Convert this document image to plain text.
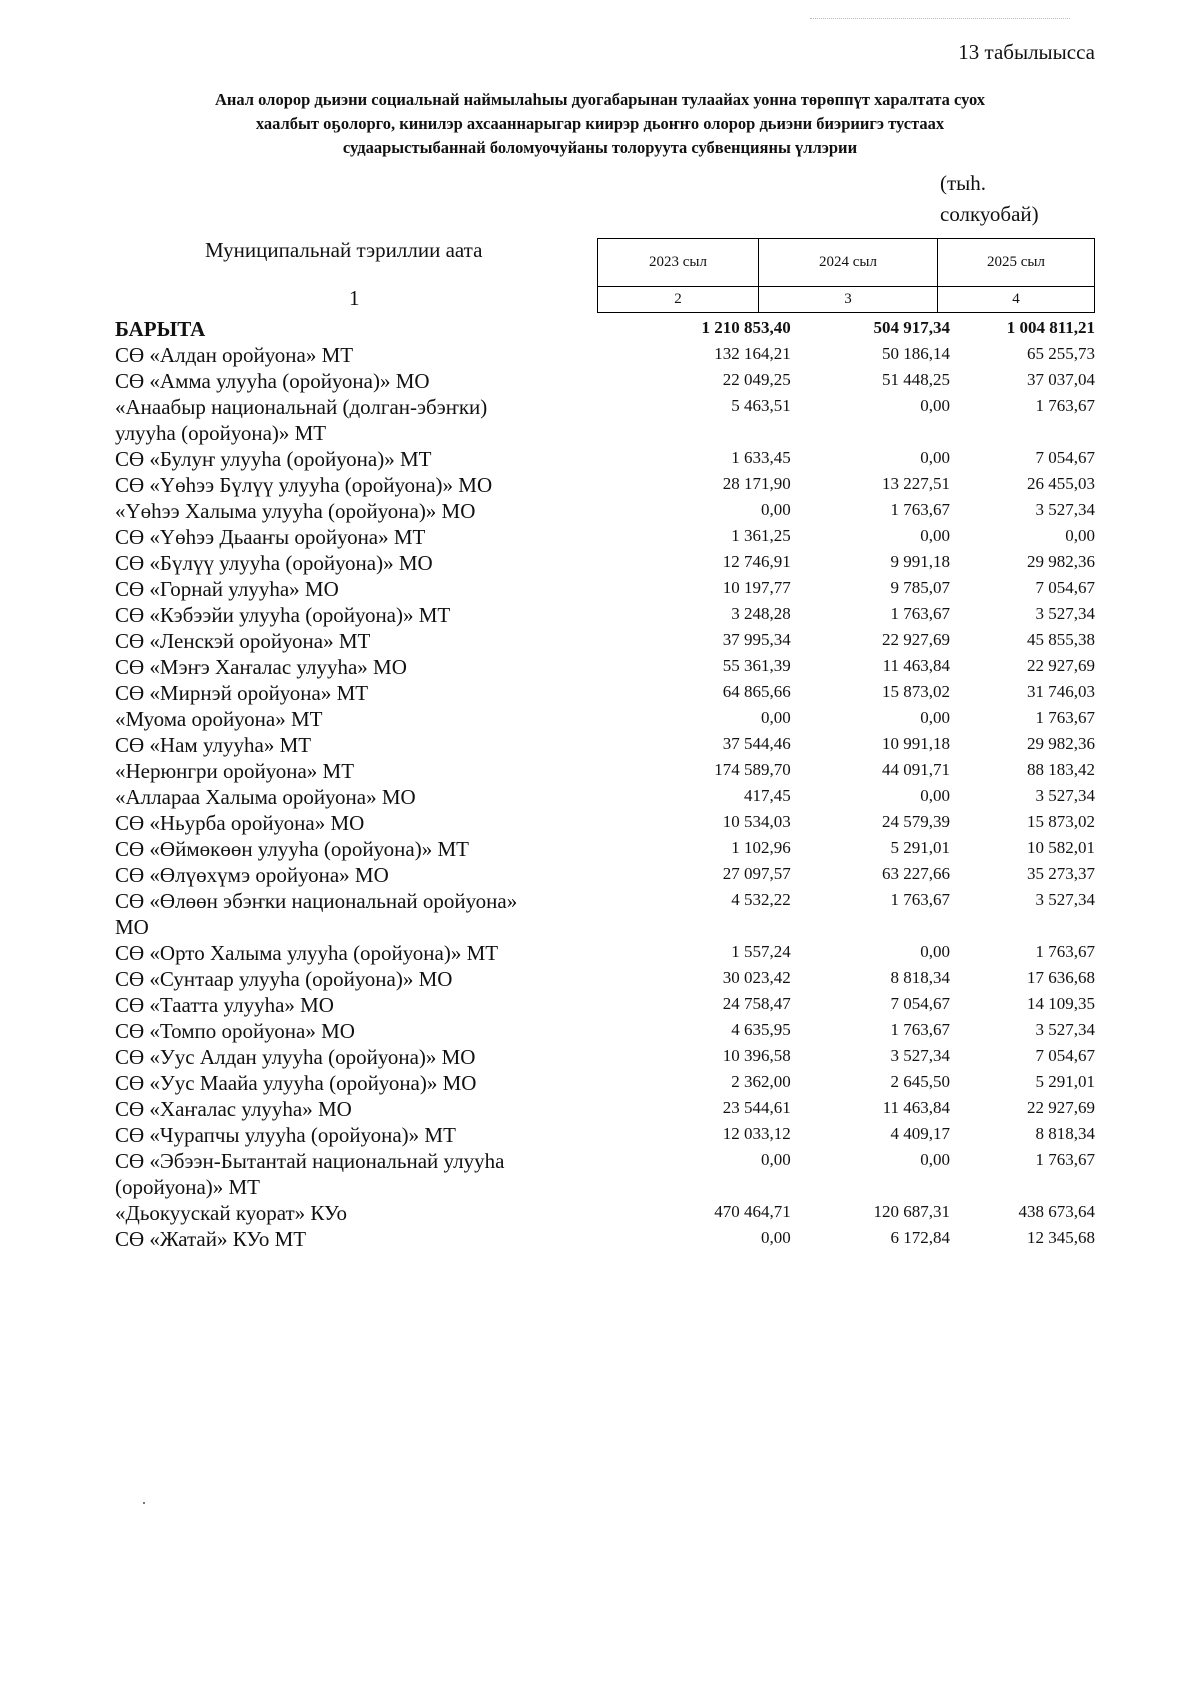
13 табылыысса
Анал олорор дьиэни социальнай наймылаһыы дуогабарынан тулаайах уонна төрөппүт харалтата суох
хаалбыт оҕолорго, кинилэр ахсааннарыгар киирэр дьоҥҥо олорор дьиэни биэриигэ тустаах
судаарыстыбаннай боломуочуйаны толоруута субвенцияны үллэрии
(тыһ.
солкуобай)
Муниципальнай тэриллии аата
1
2023 сыл	2024 сыл	2025 сыл
2	3	4
БАРЫТА	1 210 853,40	504 917,34	1 004 811,21
СӨ «Алдан оройуона» МТ	132 164,21	50 186,14	65 255,73
СӨ «Амма улууһа (оройуона)» МО	22 049,25	51 448,25	37 037,04
«Анаабыр национальнай (долган-эбэҥки) улууһа (оройуона)» МТ
5 463,51	0,00	1 763,67
СӨ «Булуҥ улууһа (оройуона)» МТ	1 633,45	0,00	7 054,67
СӨ «Үөһээ Бүлүү улууһа (оройуона)» МО	28 171,90	13 227,51	26 455,03
«Үөһээ Халыма улууһа (оройуона)» МО	0,00	1 763,67	3 527,34
СӨ «Үөһээ Дьааҥы оройуона» МТ	1 361,25	0,00	0,00
СӨ «Бүлүү улууһа (оройуона)» МО	12 746,91	9 991,18	29 982,36
СӨ «Горнай улууһа» МО	10 197,77	9 785,07	7 054,67
СӨ «Кэбээйи улууһа (оройуона)» МТ	3 248,28	1 763,67	3 527,34
СӨ «Ленскэй оройуона» МТ	37 995,34	22 927,69	45 855,38
СӨ «Мэҥэ Хаҥалас улууһа» МО	55 361,39	11 463,84	22 927,69
СӨ «Мирнэй оройуона» МТ	64 865,66	15 873,02	31 746,03
«Муома оройуона» МТ	0,00	0,00	1 763,67
СӨ «Нам улууһа» МТ	37 544,46	10 991,18	29 982,36
«Нерюнгри оройуона» МТ	174 589,70	44 091,71	88 183,42
«Аллараа Халыма оройуона» МО	417,45	0,00	3 527,34
СӨ «Ньурба оройуона» МО	10 534,03	24 579,39	15 873,02
СӨ «Өймөкөөн улууһа (оройуона)» МТ	1 102,96	5 291,01	10 582,01
СӨ «Өлүөхүмэ оройуона» МО	27 097,57	63 227,66	35 273,37
СӨ «Өлөөн эбэҥки национальнай оройуона» МО
4 532,22	1 763,67	3 527,34
СӨ «Орто Халыма улууһа (оройуона)» МТ	1 557,24	0,00	1 763,67
СӨ «Сунтаар улууһа (оройуона)» МО	30 023,42	8 818,34	17 636,68
СӨ «Таатта улууһа» МО	24 758,47	7 054,67	14 109,35
СӨ «Томпо оройуона» МО	4 635,95	1 763,67	3 527,34
СӨ «Уус Алдан улууһа (оройуона)» МО	10 396,58	3 527,34	7 054,67
СӨ «Уус Маайа улууһа (оройуона)» МО	2 362,00	2 645,50	5 291,01
СӨ «Хаҥалас улууһа» МО	23 544,61	11 463,84	22 927,69
СӨ «Чурапчы улууһа (оройуона)» МТ	12 033,12	4 409,17	8 818,34
СӨ «Эбээн-Бытантай национальнай улууһа (оройуона)» МТ
0,00	0,00	1 763,67
«Дьокуускай куорат» КУо	470 464,71	120 687,31	438 673,64
СӨ «Жатай» КУо МТ	0,00	6 172,84	12 345,68
